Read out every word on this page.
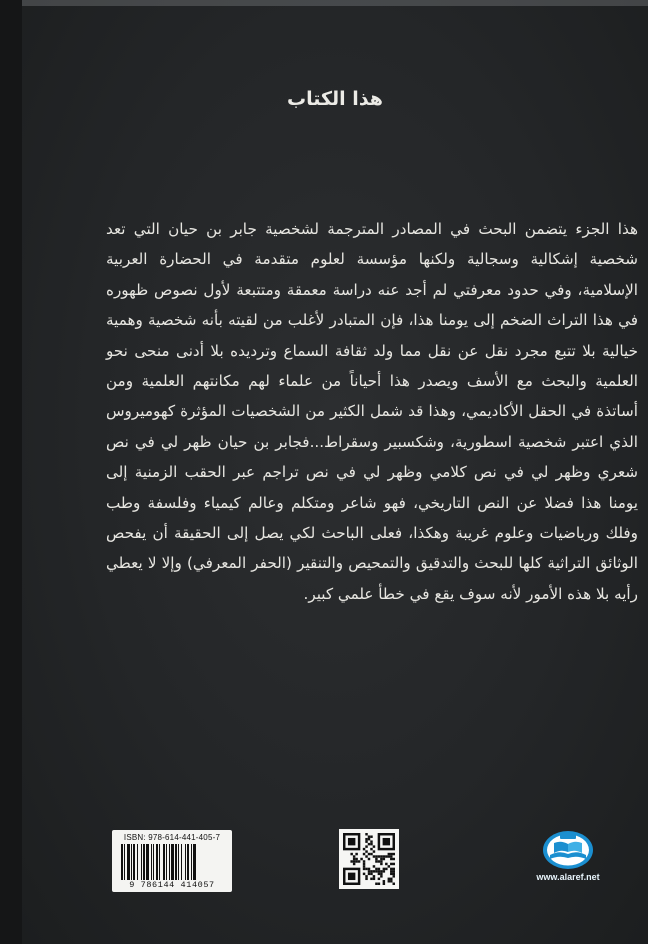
هذا الكتاب

هذا الجزء يتضمن البحث في المصادر المترجمة لشخصية جابر بن حيان التي تعد شخصية إشكالية وسجالية ولكنها مؤسسة لعلوم متقدمة في الحضارة العربية الإسلامية، وفي حدود معرفتي لم أجد عنه دراسة معمقة ومتتبعة لأول نصوص ظهوره في هذا التراث الضخم إلى يومنا هذا، فإن المتبادر لأغلب من لقيته بأنه شخصية وهمية خيالية بلا تتبع مجرد نقل عن نقل مما ولد ثقافة السماع وترديده بلا أدنى منحى نحو العلمية والبحث مع الأسف ويصدر هذا أحياناً من علماء لهم مكانتهم العلمية ومن أساتذة في الحقل الأكاديمي، وهذا قد شمل الكثير من الشخصيات المؤثرة كهوميروس الذي اعتبر شخصية اسطورية، وشكسبير وسقراط...فجابر بن حيان ظهر لي في نص شعري وظهر لي في نص كلامي وظهر لي في نص تراجم عبر الحقب الزمنية إلى يومنا هذا فضلا عن النص التاريخي، فهو شاعر ومتكلم وعالم كيمياء وفلسفة وطب وفلك ورياضيات وعلوم غريبة وهكذا، فعلى الباحث لكي يصل إلى الحقيقة أن يفحص الوثائق التراثية كلها للبحث والتدقيق والتمحيص والتنقير (الحفر المعرفي) وإلا لا يعطي رأيه بلا هذه الأمور لأنه سوف يقع في خطأ علمي كبير.

ISBN: 978-614-441-405-7
9 786144 414057
www.alaref.net
